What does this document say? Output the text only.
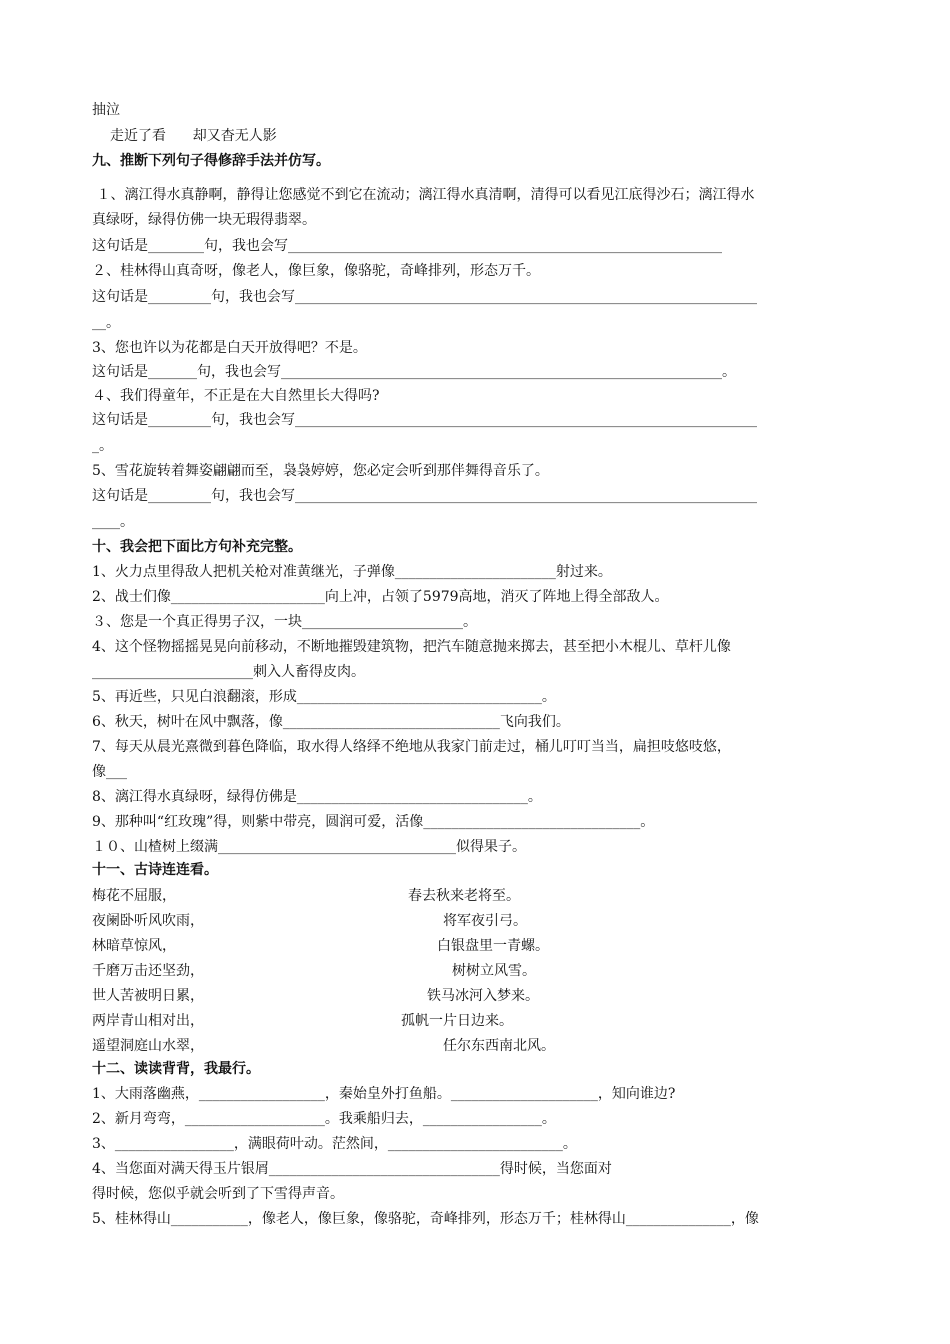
抽泣
走近了看      却又杳无人影
九、推断下列句子得修辞手法并仿写。
１、漓江得水真静啊，静得让您感觉不到它在流动；漓江得水真清啊，清得可以看见江底得沙石；漓江得水
真绿呀，绿得仿佛一块无瑕得翡翠。
这句话是________句，我也会写______________________________________________________________
２、桂林得山真奇呀，像老人，像巨象，像骆驼，奇峰排列，形态万千。
这句话是_________句，我也会写__________________________________________________________________
__。
3、您也许以为花都是白天开放得吧？不是。
这句话是_______句，我也会写_______________________________________________________________。
４、我们得童年，不正是在大自然里长大得吗?
这句话是_________句，我也会写__________________________________________________________________
_。
5、雪花旋转着舞姿翩翩而至，袅袅婷婷，您必定会听到那伴舞得音乐了。
这句话是_________句，我也会写__________________________________________________________________
____。
十、我会把下面比方句补充完整。
1、火力点里得敌人把机关枪对准黄继光，子弹像_______________________射过来。
2、战士们像______________________向上冲，占领了5979高地，消灭了阵地上得全部敌人。
３、您是一个真正得男子汉，一块_______________________。
4、这个怪物摇摇晃晃向前移动，不断地摧毁建筑物，把汽车随意抛来掷去，甚至把小木棍儿、草杆儿像
_______________________刺入人畜得皮肉。
5、再近些，只见白浪翻滚，形成___________________________________。
6、秋天，树叶在风中飘落，像_______________________________飞向我们。
7、每天从晨光熹微到暮色降临，取水得人络绎不绝地从我家门前走过，桶儿叮叮当当，扁担吱悠吱悠，
像___
8、漓江得水真绿呀，绿得仿佛是_________________________________。
9、那种叫“红玫瑰”得，则紫中带亮，圆润可爱，活像_______________________________。
１０、山楂树上缀满__________________________________似得果子。
十一、古诗连连看。
梅花不屈服，	春去秋来老将至。
夜阑卧听风吹雨，	将军夜引弓。
林暗草惊风，	白银盘里一青螺。
千磨万击还坚劲，	树树立风雪。
世人苦被明日累，	铁马冰河入梦来。
两岸青山相对出，	孤帆一片日边来。
遥望洞庭山水翠，	任尔东西南北风。
十二、读读背背，我最行。
1、大雨落幽燕，__________________，秦始皇外打鱼船。_____________________，知向谁边?
2、新月弯弯，____________________。我乘船归去，_________________。
3、_________________，满眼荷叶动。茫然间，_________________________。
4、当您面对满天得玉片银屑_________________________________得时候，当您面对
得时候，您似乎就会听到了下雪得声音。
5、桂林得山___________，像老人，像巨象，像骆驼，奇峰排列，形态万千；桂林得山_______________，像
